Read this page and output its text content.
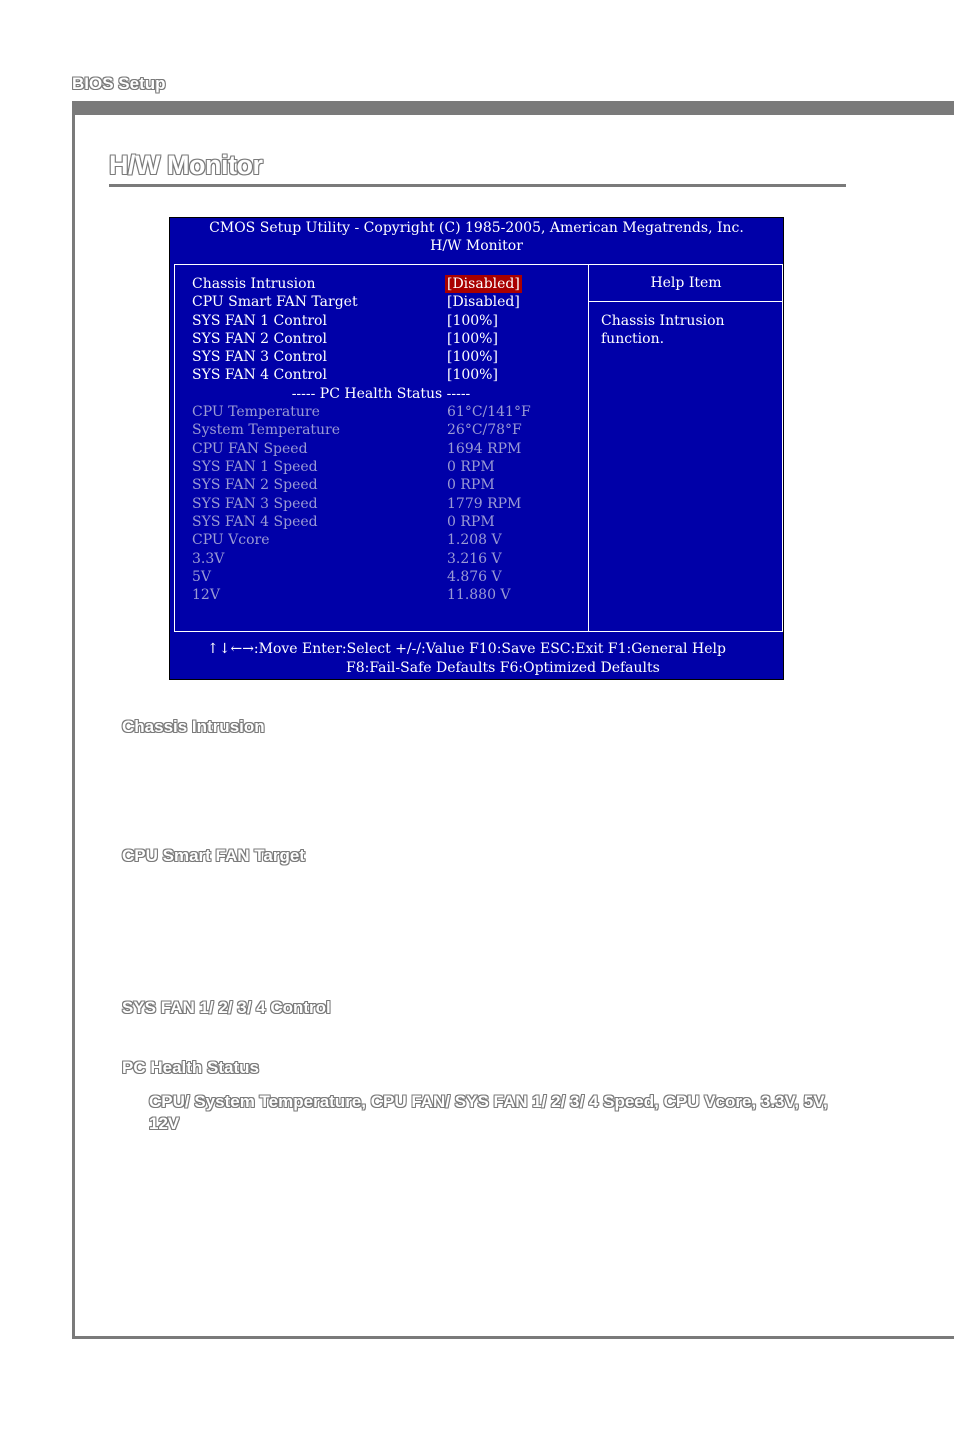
BIOS Setup
H/W Monitor
CMOS Setup Utility - Copyright (C) 1985-2005, American Megatrends, Inc.
H/W Monitor
Chassis Intrusion	[Disabled]
CPU Smart FAN Target	[Disabled]
SYS FAN 1 Control	[100%]
SYS FAN 2 Control	[100%]
SYS FAN 3 Control	[100%]
SYS FAN 4 Control	[100%]
----- PC Health Status -----
CPU Temperature	61°C/141°F
System Temperature	26°C/78°F
CPU FAN Speed	1694 RPM
SYS FAN 1 Speed	0 RPM
SYS FAN 2 Speed	0 RPM
SYS FAN 3 Speed	1779 RPM
SYS FAN 4 Speed	0 RPM
CPU Vcore	1.208 V
3.3V	3.216 V
5V	4.876 V
12V	11.880 V
Help Item
Chassis Intrusion function.
↑↓←→:Move Enter:Select +/-/:Value F10:Save ESC:Exit F1:General Help
F8:Fail-Safe Defaults F6:Optimized Defaults
Chassis Intrusion
CPU Smart FAN Target
SYS FAN 1/ 2/ 3/ 4 Control
PC Health Status
CPU/ System Temperature, CPU FAN/ SYS FAN 1/ 2/ 3/ 4 Speed, CPU Vcore, 3.3V, 5V, 12V
